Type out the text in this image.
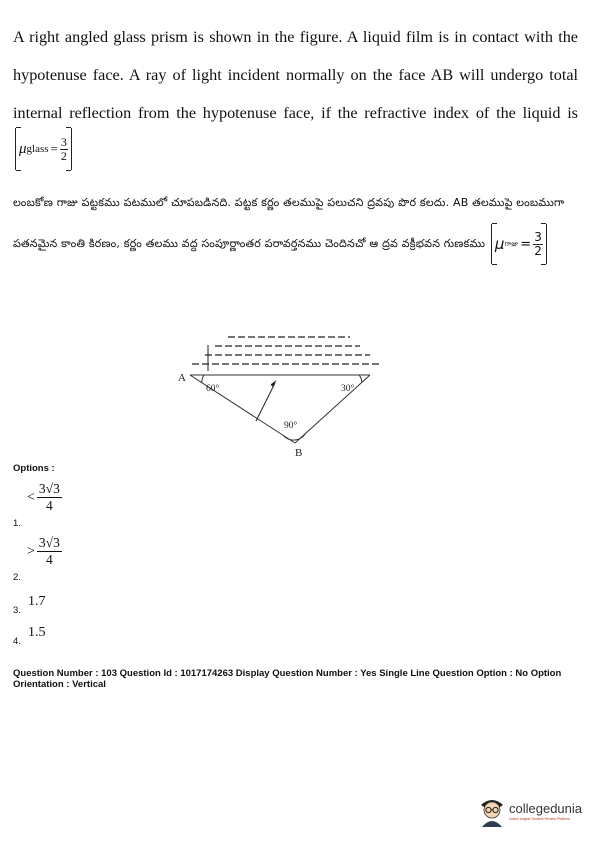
A right angled glass prism is shown in the figure. A liquid film is in contact with the hypotenuse face. A ray of light incident normally on the face AB will undergo total internal reflection from the hypotenuse face, if the refractive index of the liquid is
μ glass = $\frac{3}{2}$
లంబకోణ గాజు పట్టకము పటములో చూపబడినది. పట్టక కర్ణం తలముపై పలుచని ద్రవపు పొర కలదు. AB తలముపై లంబముగా పతనమైన కాంతి కిరణం, కర్ణం తలము వద్ద సంపూర్ణాంతర పరావర్తనము చెందినచో ఆ ద్రవ వక్రీభవన గుణకము μ గాజు = $\frac{3}{2}$
A
B
60°	30°
90°
Options :
1.
< $\frac{3√3}{4}$
2.
> $\frac{3√3}{4}$
3.
1.7
4.
1.5
Question Number : 103 Question Id : 1017174263 Display Question Number : Yes Single Line Question Option : No Option Orientation : Vertical
collegedunia
India's largest Student Review Platform
